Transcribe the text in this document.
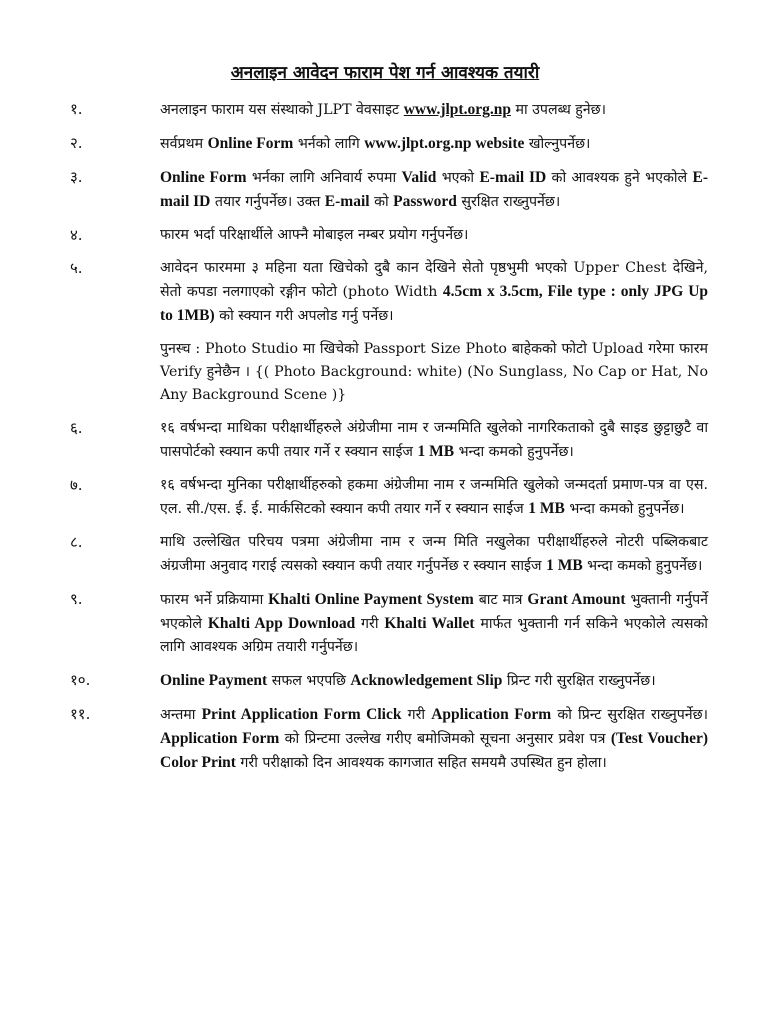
अनलाइन आवेदन फाराम पेश गर्न आवश्यक तयारी
१.	अनलाइन फाराम यस संस्थाको JLPT वेवसाइट www.jlpt.org.np मा उपलब्ध हुनेछ।
२.	सर्वप्रथम Online Form भर्नको लागि www.jlpt.org.np website खोल्नुपर्नेछ।
३.	Online Form भर्नका लागि अनिवार्य रुपमा Valid भएको E-mail ID को आवश्यक हुने भएकोले E-mail ID तयार गर्नुपर्नेछ। उक्त E-mail को Password सुरक्षित राख्नुपर्नेछ।
४.	फारम भर्दा परिक्षार्थीले आफ्नै मोबाइल नम्बर प्रयोग गर्नुपर्नेछ।
५.	आवेदन फारममा ३ महिना यता खिचेको दुबै कान देखिने सेतो पृष्ठभुमी भएको Upper Chest देखिने, सेतो कपडा नलगाएको रङ्गीन फोटो (photo Width 4.5cm x 3.5cm, File type : only JPG Up to 1MB) को स्क्यान गरी अपलोड गर्नु पर्नेछ।
पुनस्च : Photo Studio मा खिचेको Passport Size Photo बाहेकको फोटो Upload गरेमा फारम Verify हुनेछैन । {( Photo Background: white) (No Sunglass, No Cap or Hat, No Any Background Scene )}
६.	१६ वर्षभन्दा माथिका परीक्षार्थीहरुले अंग्रेजीमा नाम र जन्ममिति खुलेको नागरिकताको दुबै साइड छुट्टाछुटै वा पासपोर्टको स्क्यान कपी तयार गर्ने र स्क्यान साईज 1 MB भन्दा कमको हुनुपर्नेछ।
७.	१६ वर्षभन्दा मुनिका परीक्षार्थीहरुको हकमा अंग्रेजीमा नाम र जन्ममिति खुलेको जन्मदर्ता प्रमाण-पत्र वा एस. एल. सी./एस. ई. ई. मार्कसिटको स्क्यान कपी तयार गर्ने र स्क्यान साईज 1 MB भन्दा कमको हुनुपर्नेछ।
८.	माथि उल्लेखित परिचय पत्रमा अंग्रेजीमा नाम र जन्म मिति नखुलेका परीक्षार्थीहरुले नोटरी पब्लिकबाट अंग्रजीमा अनुवाद गराई त्यसको स्क्यान कपी तयार गर्नुपर्नेछ र स्क्यान साईज 1 MB भन्दा कमको हुनुपर्नेछ।
९.	फारम भर्ने प्रक्रियामा Khalti Online Payment System बाट मात्र Grant Amount भुक्तानी गर्नुपर्ने भएकोले Khalti App Download गरी Khalti Wallet मार्फत भुक्तानी गर्न सकिने भएकोले त्यसको लागि आवश्यक अग्रिम तयारी गर्नुपर्नेछ।
१०.	Online Payment सफल भएपछि Acknowledgement Slip प्रिन्ट गरी सुरक्षित राख्नुपर्नेछ।
११.	अन्तमा Print Application Form Click गरी Application Form को प्रिन्ट सुरक्षित राख्नुपर्नेछ। Application Form को प्रिन्टमा उल्लेख गरीए बमोजिमको सूचना अनुसार प्रवेश पत्र (Test Voucher) Color Print गरी परीक्षाको दिन आवश्यक कागजात सहित समयमै उपस्थित हुन होला।
